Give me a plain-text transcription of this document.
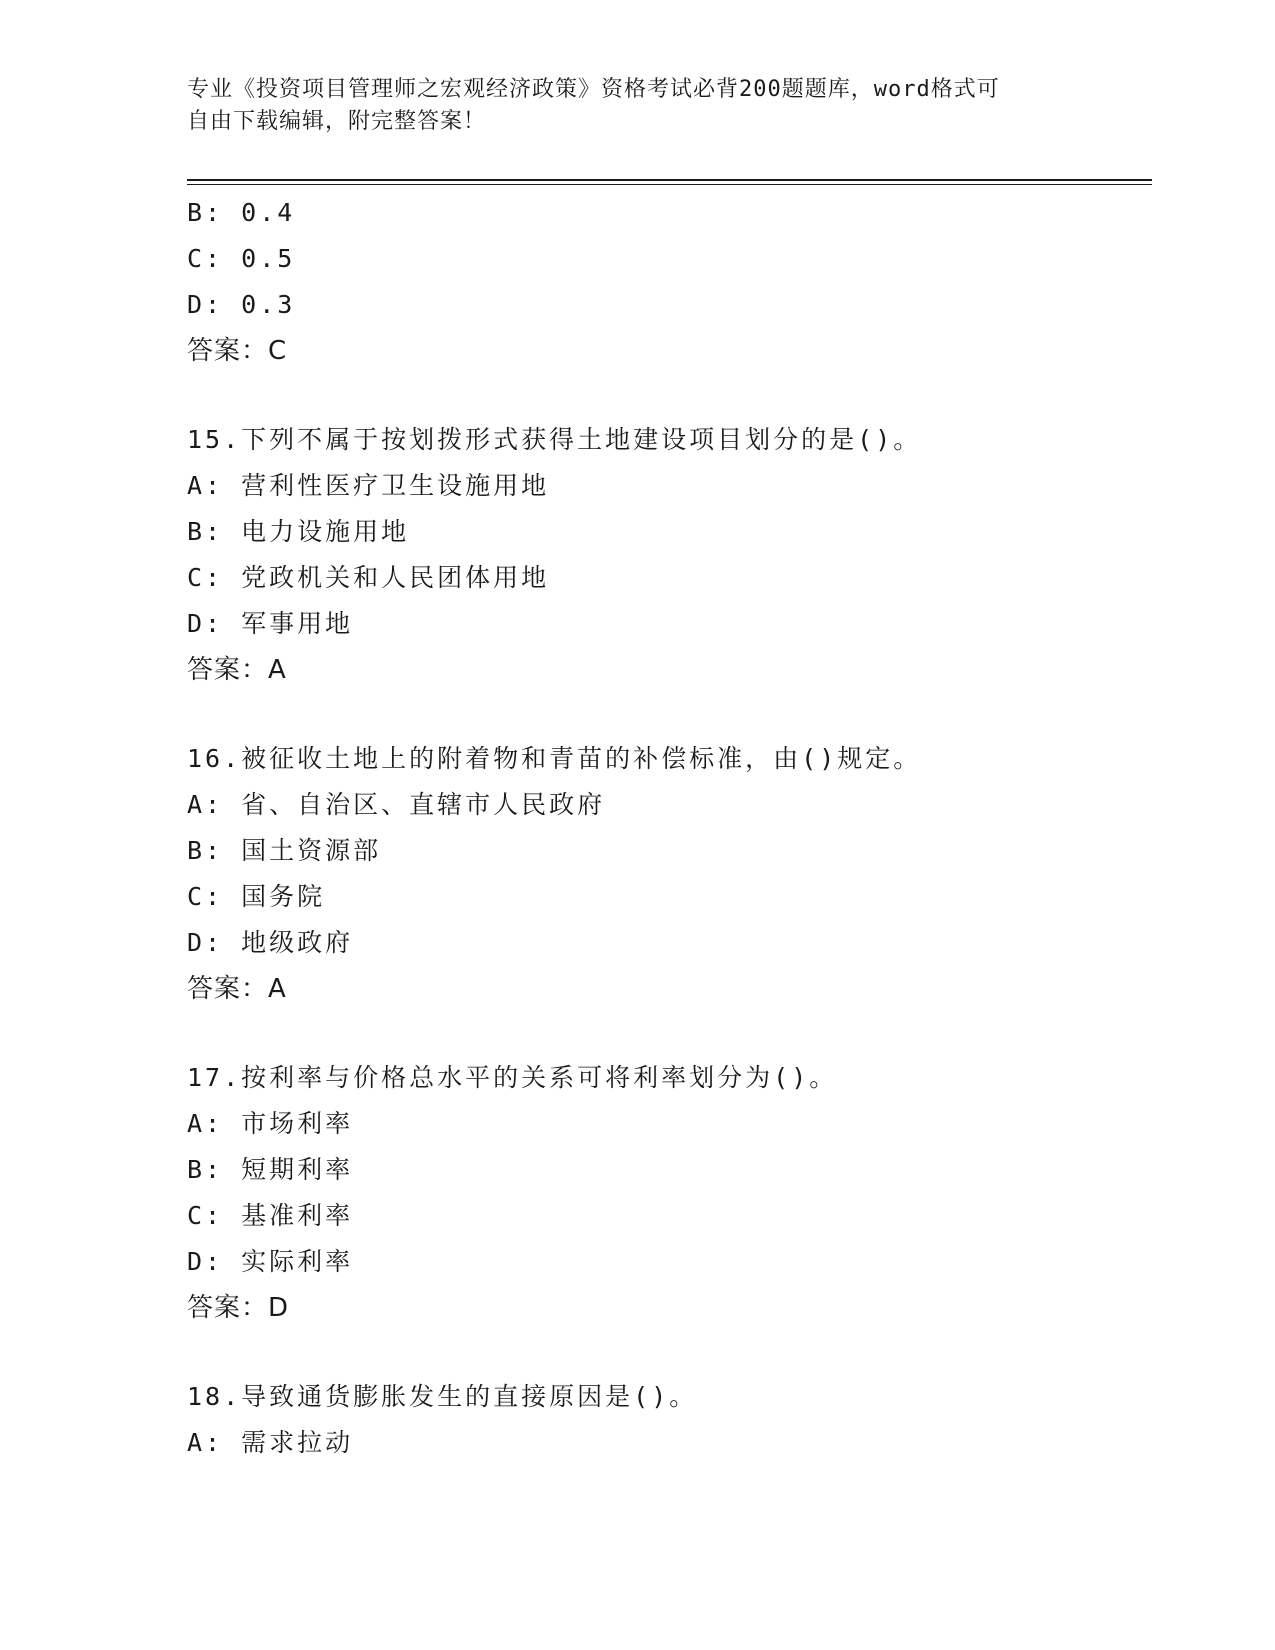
专业《投资项目管理师之宏观经济政策》资格考试必背200题题库，word格式可
自由下载编辑，附完整答案！
B: 0.4
C: 0.5
D: 0.3
答案：C
15.下列不属于按划拨形式获得土地建设项目划分的是()。
A: 营利性医疗卫生设施用地
B: 电力设施用地
C: 党政机关和人民团体用地
D: 军事用地
答案：A
16.被征收土地上的附着物和青苗的补偿标准，由()规定。
A: 省、自治区、直辖市人民政府
B: 国土资源部
C: 国务院
D: 地级政府
答案：A
17.按利率与价格总水平的关系可将利率划分为()。
A: 市场利率
B: 短期利率
C: 基准利率
D: 实际利率
答案：D
18.导致通货膨胀发生的直接原因是()。
A: 需求拉动
